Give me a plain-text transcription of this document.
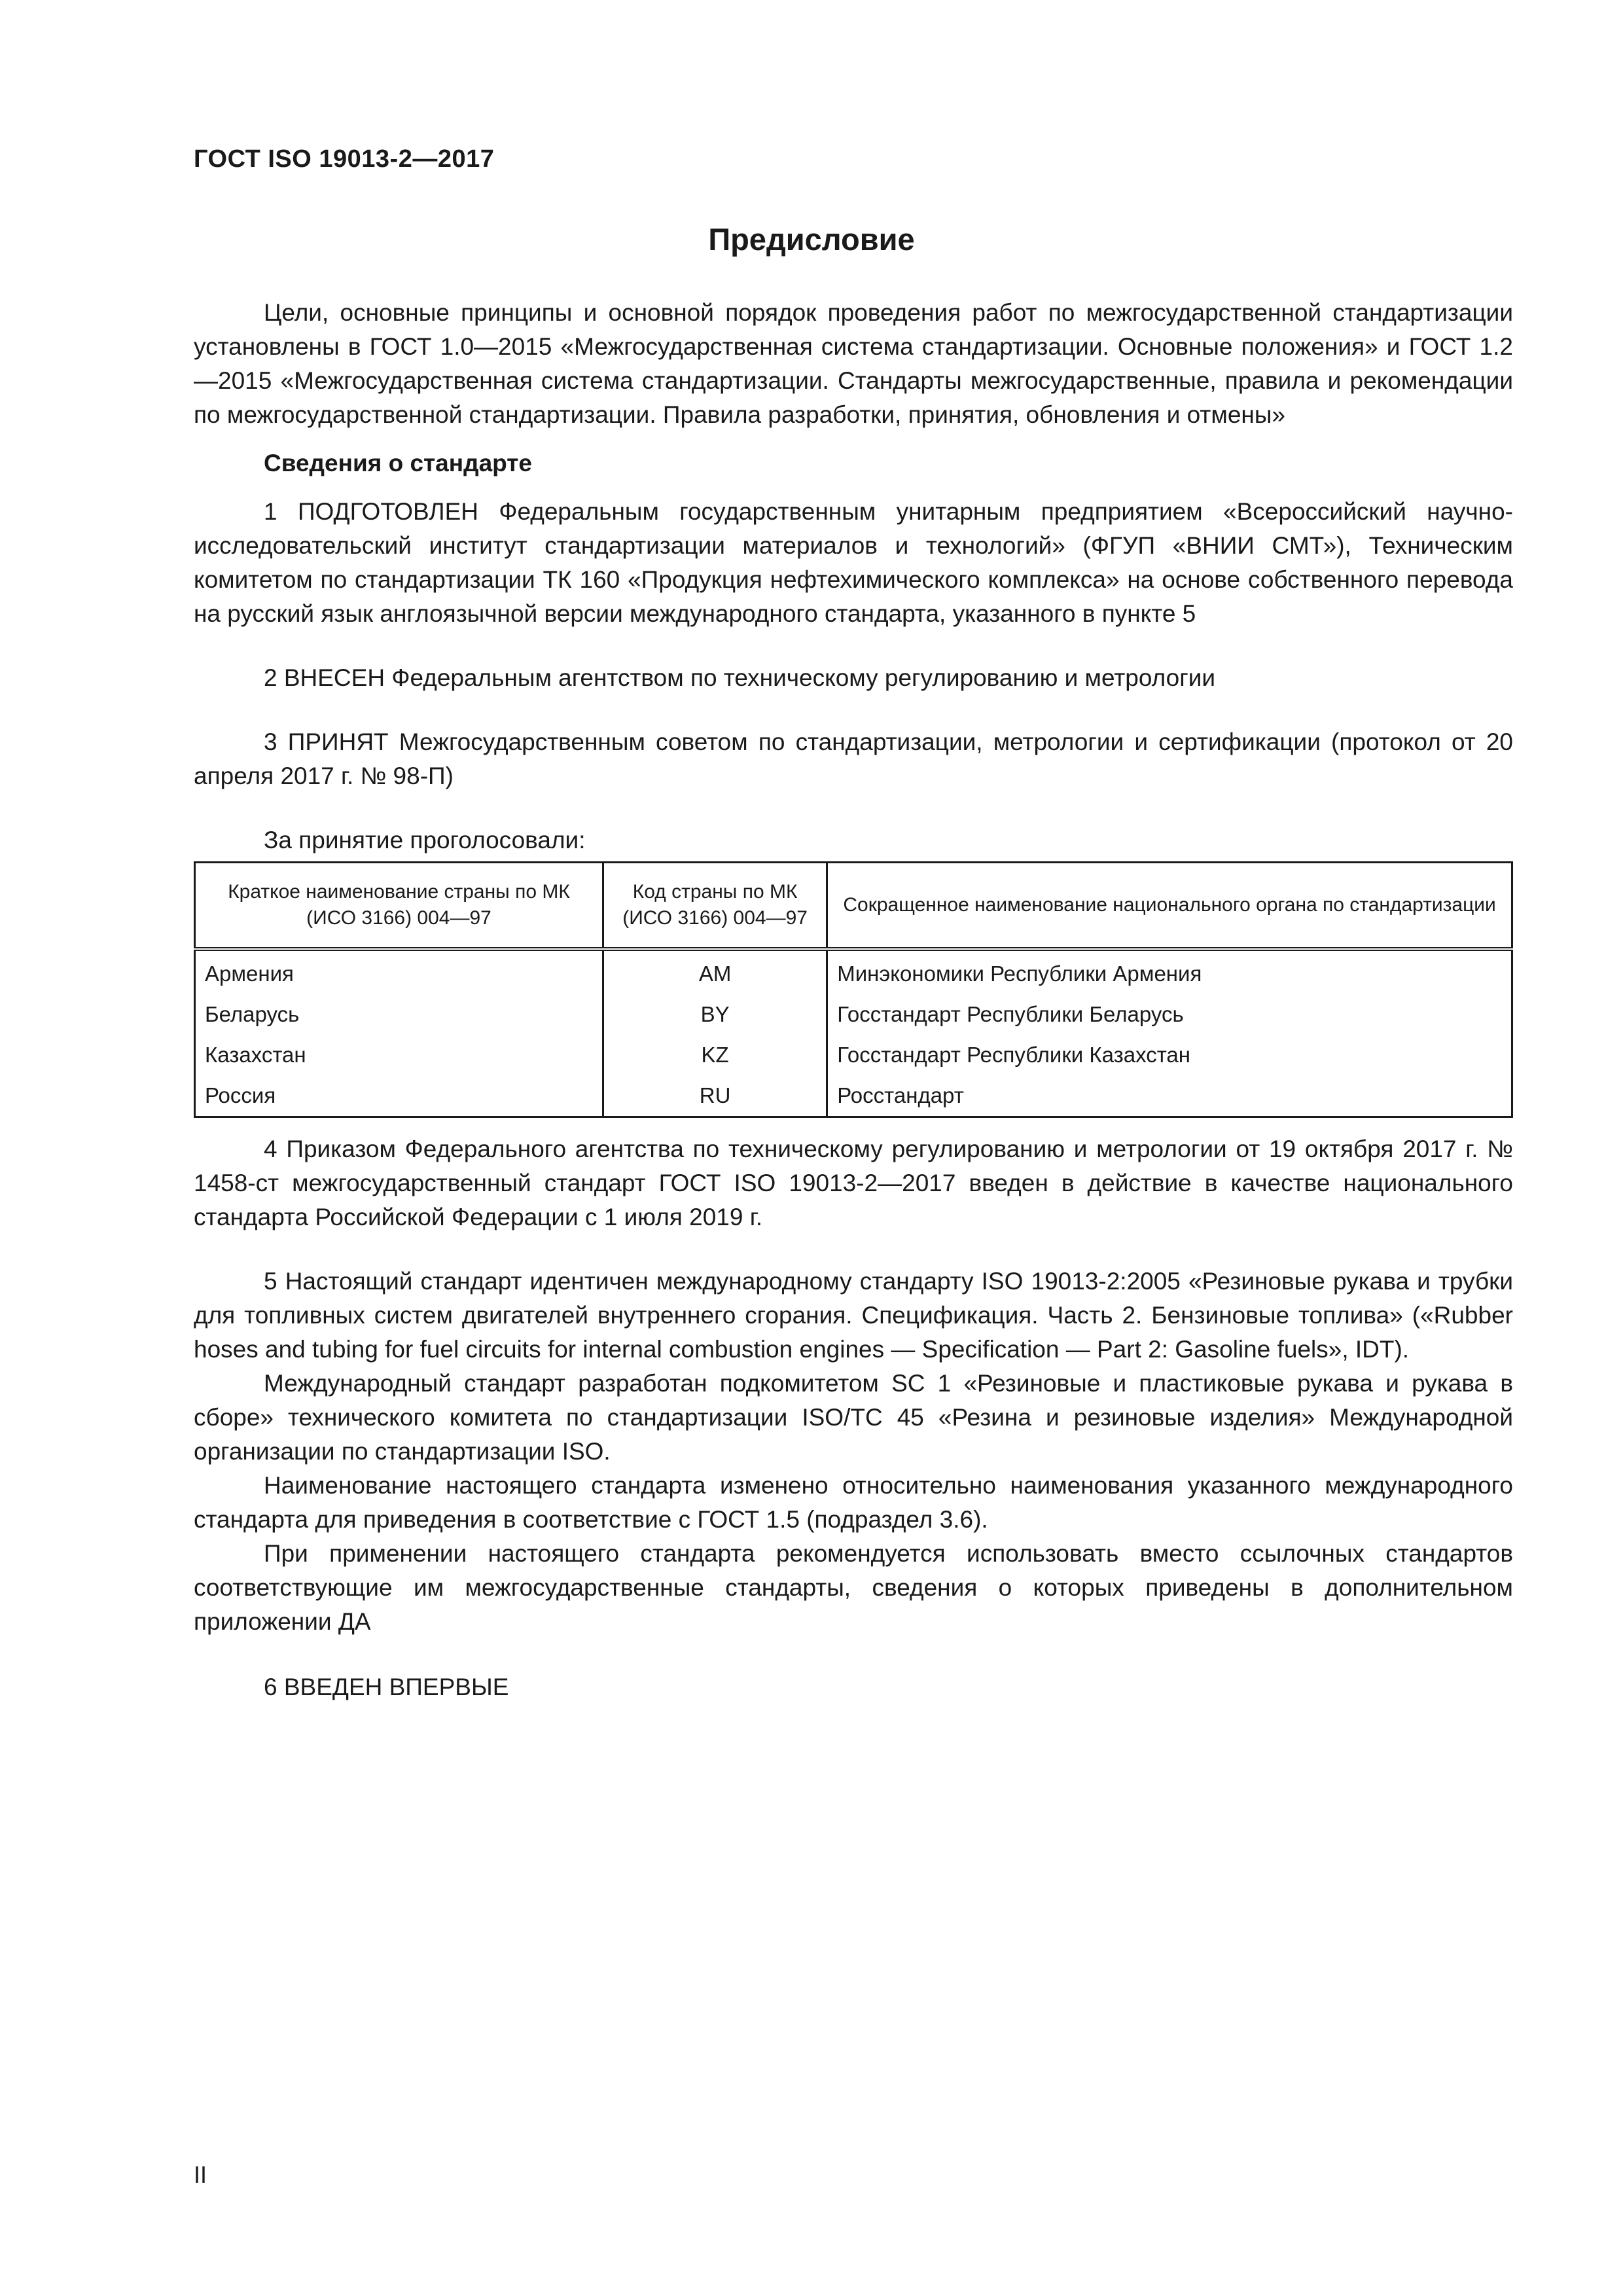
ГОСТ ISO 19013-2—2017
Предисловие

Цели, основные принципы и основной порядок проведения работ по межгосударственной стандартизации установлены в ГОСТ 1.0—2015 «Межгосударственная система стандартизации. Основные положения» и ГОСТ 1.2—2015 «Межгосударственная система стандартизации. Стандарты межгосударственные, правила и рекомендации по межгосударственной стандартизации. Правила разработки, принятия, обновления и отмены»

Сведения о стандарте

1 ПОДГОТОВЛЕН Федеральным государственным унитарным предприятием «Всероссийский научно-исследовательский институт стандартизации материалов и технологий» (ФГУП «ВНИИ СМТ»), Техническим комитетом по стандартизации ТК 160 «Продукция нефтехимического комплекса» на основе собственного перевода на русский язык англоязычной версии международного стандарта, указанного в пункте 5

2 ВНЕСЕН Федеральным агентством по техническому регулированию и метрологии

3 ПРИНЯТ Межгосударственным советом по стандартизации, метрологии и сертификации (протокол от 20 апреля 2017 г. № 98-П)

За принятие проголосовали:

Краткое наименование страны по МК (ИСО 3166) 004—97	Код страны по МК (ИСО 3166) 004—97	Сокращенное наименование национального органа по стандартизации
Армения	AM	Минэкономики Республики Армения
Беларусь	BY	Госстандарт Республики Беларусь
Казахстан	KZ	Госстандарт Республики Казахстан
Россия	RU	Росстандарт

4 Приказом Федерального агентства по техническому регулированию и метрологии от 19 октября 2017 г. № 1458-ст межгосударственный стандарт ГОСТ ISO 19013-2—2017 введен в действие в качестве национального стандарта Российской Федерации с 1 июля 2019 г.

5 Настоящий стандарт идентичен международному стандарту ISO 19013-2:2005 «Резиновые рукава и трубки для топливных систем двигателей внутреннего сгорания. Спецификация. Часть 2. Бензиновые топлива» («Rubber hoses and tubing for fuel circuits for internal combustion engines — Specification — Part 2: Gasoline fuels», IDT).

Международный стандарт разработан подкомитетом SC 1 «Резиновые и пластиковые рукава и рукава в сборе» технического комитета по стандартизации ISO/TC 45 «Резина и резиновые изделия» Международной организации по стандартизации ISO.

Наименование настоящего стандарта изменено относительно наименования указанного международного стандарта для приведения в соответствие с ГОСТ 1.5 (подраздел 3.6).

При применении настоящего стандарта рекомендуется использовать вместо ссылочных стандартов соответствующие им межгосударственные стандарты, сведения о которых приведены в дополнительном приложении ДА

6 ВВЕДЕН ВПЕРВЫЕ

II
